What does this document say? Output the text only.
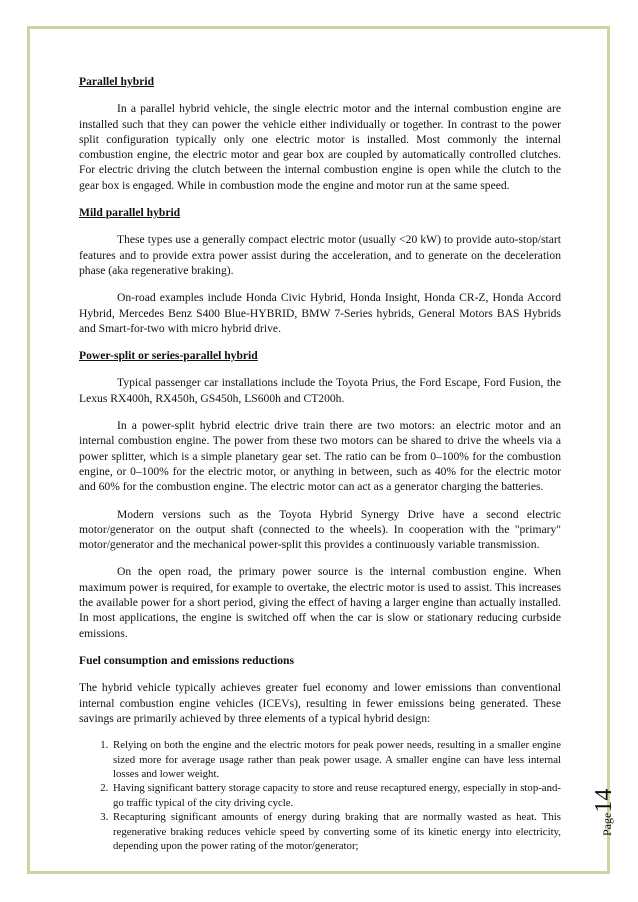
Parallel hybrid

In a parallel hybrid vehicle, the single electric motor and the internal combustion engine are installed such that they can power the vehicle either individually or together. In contrast to the power split configuration typically only one electric motor is installed. Most commonly the internal combustion engine, the electric motor and gear box are coupled by automatically controlled clutches. For electric driving the clutch between the internal combustion engine is open while the clutch to the gear box is engaged. While in combustion mode the engine and motor run at the same speed.

Mild parallel hybrid

These types use a generally compact electric motor (usually <20 kW) to provide auto-stop/start features and to provide extra power assist during the acceleration, and to generate on the deceleration phase (aka regenerative braking).

On-road examples include Honda Civic Hybrid, Honda Insight, Honda CR-Z, Honda Accord Hybrid, Mercedes Benz S400 Blue-HYBRID, BMW 7-Series hybrids, General Motors BAS Hybrids and Smart-for-two with micro hybrid drive.

Power-split or series-parallel hybrid

Typical passenger car installations include the Toyota Prius, the Ford Escape, Ford Fusion, the Lexus RX400h, RX450h, GS450h, LS600h and CT200h.

In a power-split hybrid electric drive train there are two motors: an electric motor and an internal combustion engine. The power from these two motors can be shared to drive the wheels via a power splitter, which is a simple planetary gear set. The ratio can be from 0–100% for the combustion engine, or 0–100% for the electric motor, or anything in between, such as 40% for the electric motor and 60% for the combustion engine. The electric motor can act as a generator charging the batteries.

Modern versions such as the Toyota Hybrid Synergy Drive have a second electric motor/generator on the output shaft (connected to the wheels). In cooperation with the "primary" motor/generator and the mechanical power-split this provides a continuously variable transmission.

On the open road, the primary power source is the internal combustion engine. When maximum power is required, for example to overtake, the electric motor is used to assist. This increases the available power for a short period, giving the effect of having a larger engine than actually installed. In most applications, the engine is switched off when the car is slow or stationary reducing curbside emissions.

Fuel consumption and emissions reductions

The hybrid vehicle typically achieves greater fuel economy and lower emissions than conventional internal combustion engine vehicles (ICEVs), resulting in fewer emissions being generated. These savings are primarily achieved by three elements of a typical hybrid design:

1. Relying on both the engine and the electric motors for peak power needs, resulting in a smaller engine sized more for average usage rather than peak power usage. A smaller engine can have less internal losses and lower weight.
2. Having significant battery storage capacity to store and reuse recaptured energy, especially in stop-and-go traffic typical of the city driving cycle.
3. Recapturing significant amounts of energy during braking that are normally wasted as heat. This regenerative braking reduces vehicle speed by converting some of its kinetic energy into electricity, depending upon the power rating of the motor/generator;
Page14
